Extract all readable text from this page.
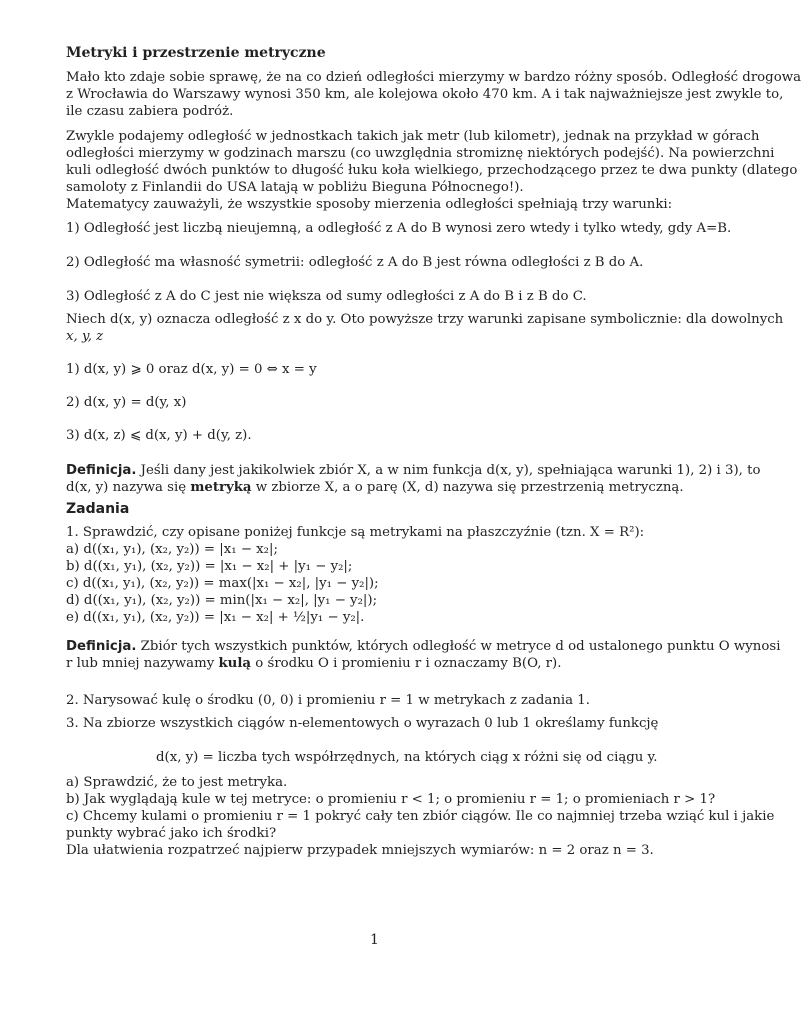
Metryki i przestrzenie metryczne
Mało kto zdaje sobie sprawę, że na co dzień odległości mierzymy w bardzo różny sposób. Odległość drogowa
z Wrocławia do Warszawy wynosi 350 km, ale kolejowa około 470 km. A i tak najważniejsze jest zwykle to,
ile czasu zabiera podróż.
Zwykle podajemy odległość w jednostkach takich jak metr (lub kilometr), jednak na przykład w górach
odległości mierzymy w godzinach marszu (co uwzględnia stromiznę niektórych podejść). Na powierzchni
kuli odległość dwóch punktów to długość łuku koła wielkiego, przechodzącego przez te dwa punkty (dlatego
samoloty z Finlandii do USA latają w pobliżu Bieguna Północnego!).
Matematycy zauważyli, że wszystkie sposoby mierzenia odległości spełniają trzy warunki:
1) Odległość jest liczbą nieujemną, a odległość z A do B wynosi zero wtedy i tylko wtedy, gdy A=B.
2) Odległość ma własność symetrii: odległość z A do B jest równa odległości z B do A.
3) Odległość z A do C jest nie większa od sumy odległości z A do B i z B do C.
Niech d(x, y) oznacza odległość z x do y. Oto powyższe trzy warunki zapisane symbolicznie: dla dowolnych
x, y, z
1) d(x, y) ⩾ 0 oraz d(x, y) = 0 ⇔ x = y
2) d(x, y) = d(y, x)
3) d(x, z) ⩽ d(x, y) + d(y, z).
Definicja. Jeśli dany jest jakikolwiek zbiór X, a w nim funkcja d(x, y), spełniająca warunki 1), 2) i 3), to
d(x, y) nazywa się metryką w zbiorze X, a o parę (X, d) nazywa się przestrzenią metryczną.
Zadania
1. Sprawdzić, czy opisane poniżej funkcje są metrykami na płaszczyźnie (tzn. X = R²):
a) d((x₁, y₁), (x₂, y₂)) = |x₁ − x₂|;
b) d((x₁, y₁), (x₂, y₂)) = |x₁ − x₂| + |y₁ − y₂|;
c) d((x₁, y₁), (x₂, y₂)) = max(|x₁ − x₂|, |y₁ − y₂|);
d) d((x₁, y₁), (x₂, y₂)) = min(|x₁ − x₂|, |y₁ − y₂|);
e) d((x₁, y₁), (x₂, y₂)) = |x₁ − x₂| + ½|y₁ − y₂|.
Definicja. Zbiór tych wszystkich punktów, których odległość w metryce d od ustalonego punktu O wynosi
r lub mniej nazywamy kulą o środku O i promieniu r i oznaczamy B(O, r).
2. Narysować kulę o środku (0, 0) i promieniu r = 1 w metrykach z zadania 1.
3. Na zbiorze wszystkich ciągów n-elementowych o wyrazach 0 lub 1 określamy funkcję
d(x, y) = liczba tych współrzędnych, na których ciąg x różni się od ciągu y.
a) Sprawdzić, że to jest metryka.
b) Jak wyglądają kule w tej metryce: o promieniu r < 1; o promieniu r = 1; o promieniach r > 1?
c) Chcemy kulami o promieniu r = 1 pokryć cały ten zbiór ciągów. Ile co najmniej trzeba wziąć kul i jakie
punkty wybrać jako ich środki?
Dla ułatwienia rozpatrzeć najpierw przypadek mniejszych wymiarów: n = 2 oraz n = 3.
1
